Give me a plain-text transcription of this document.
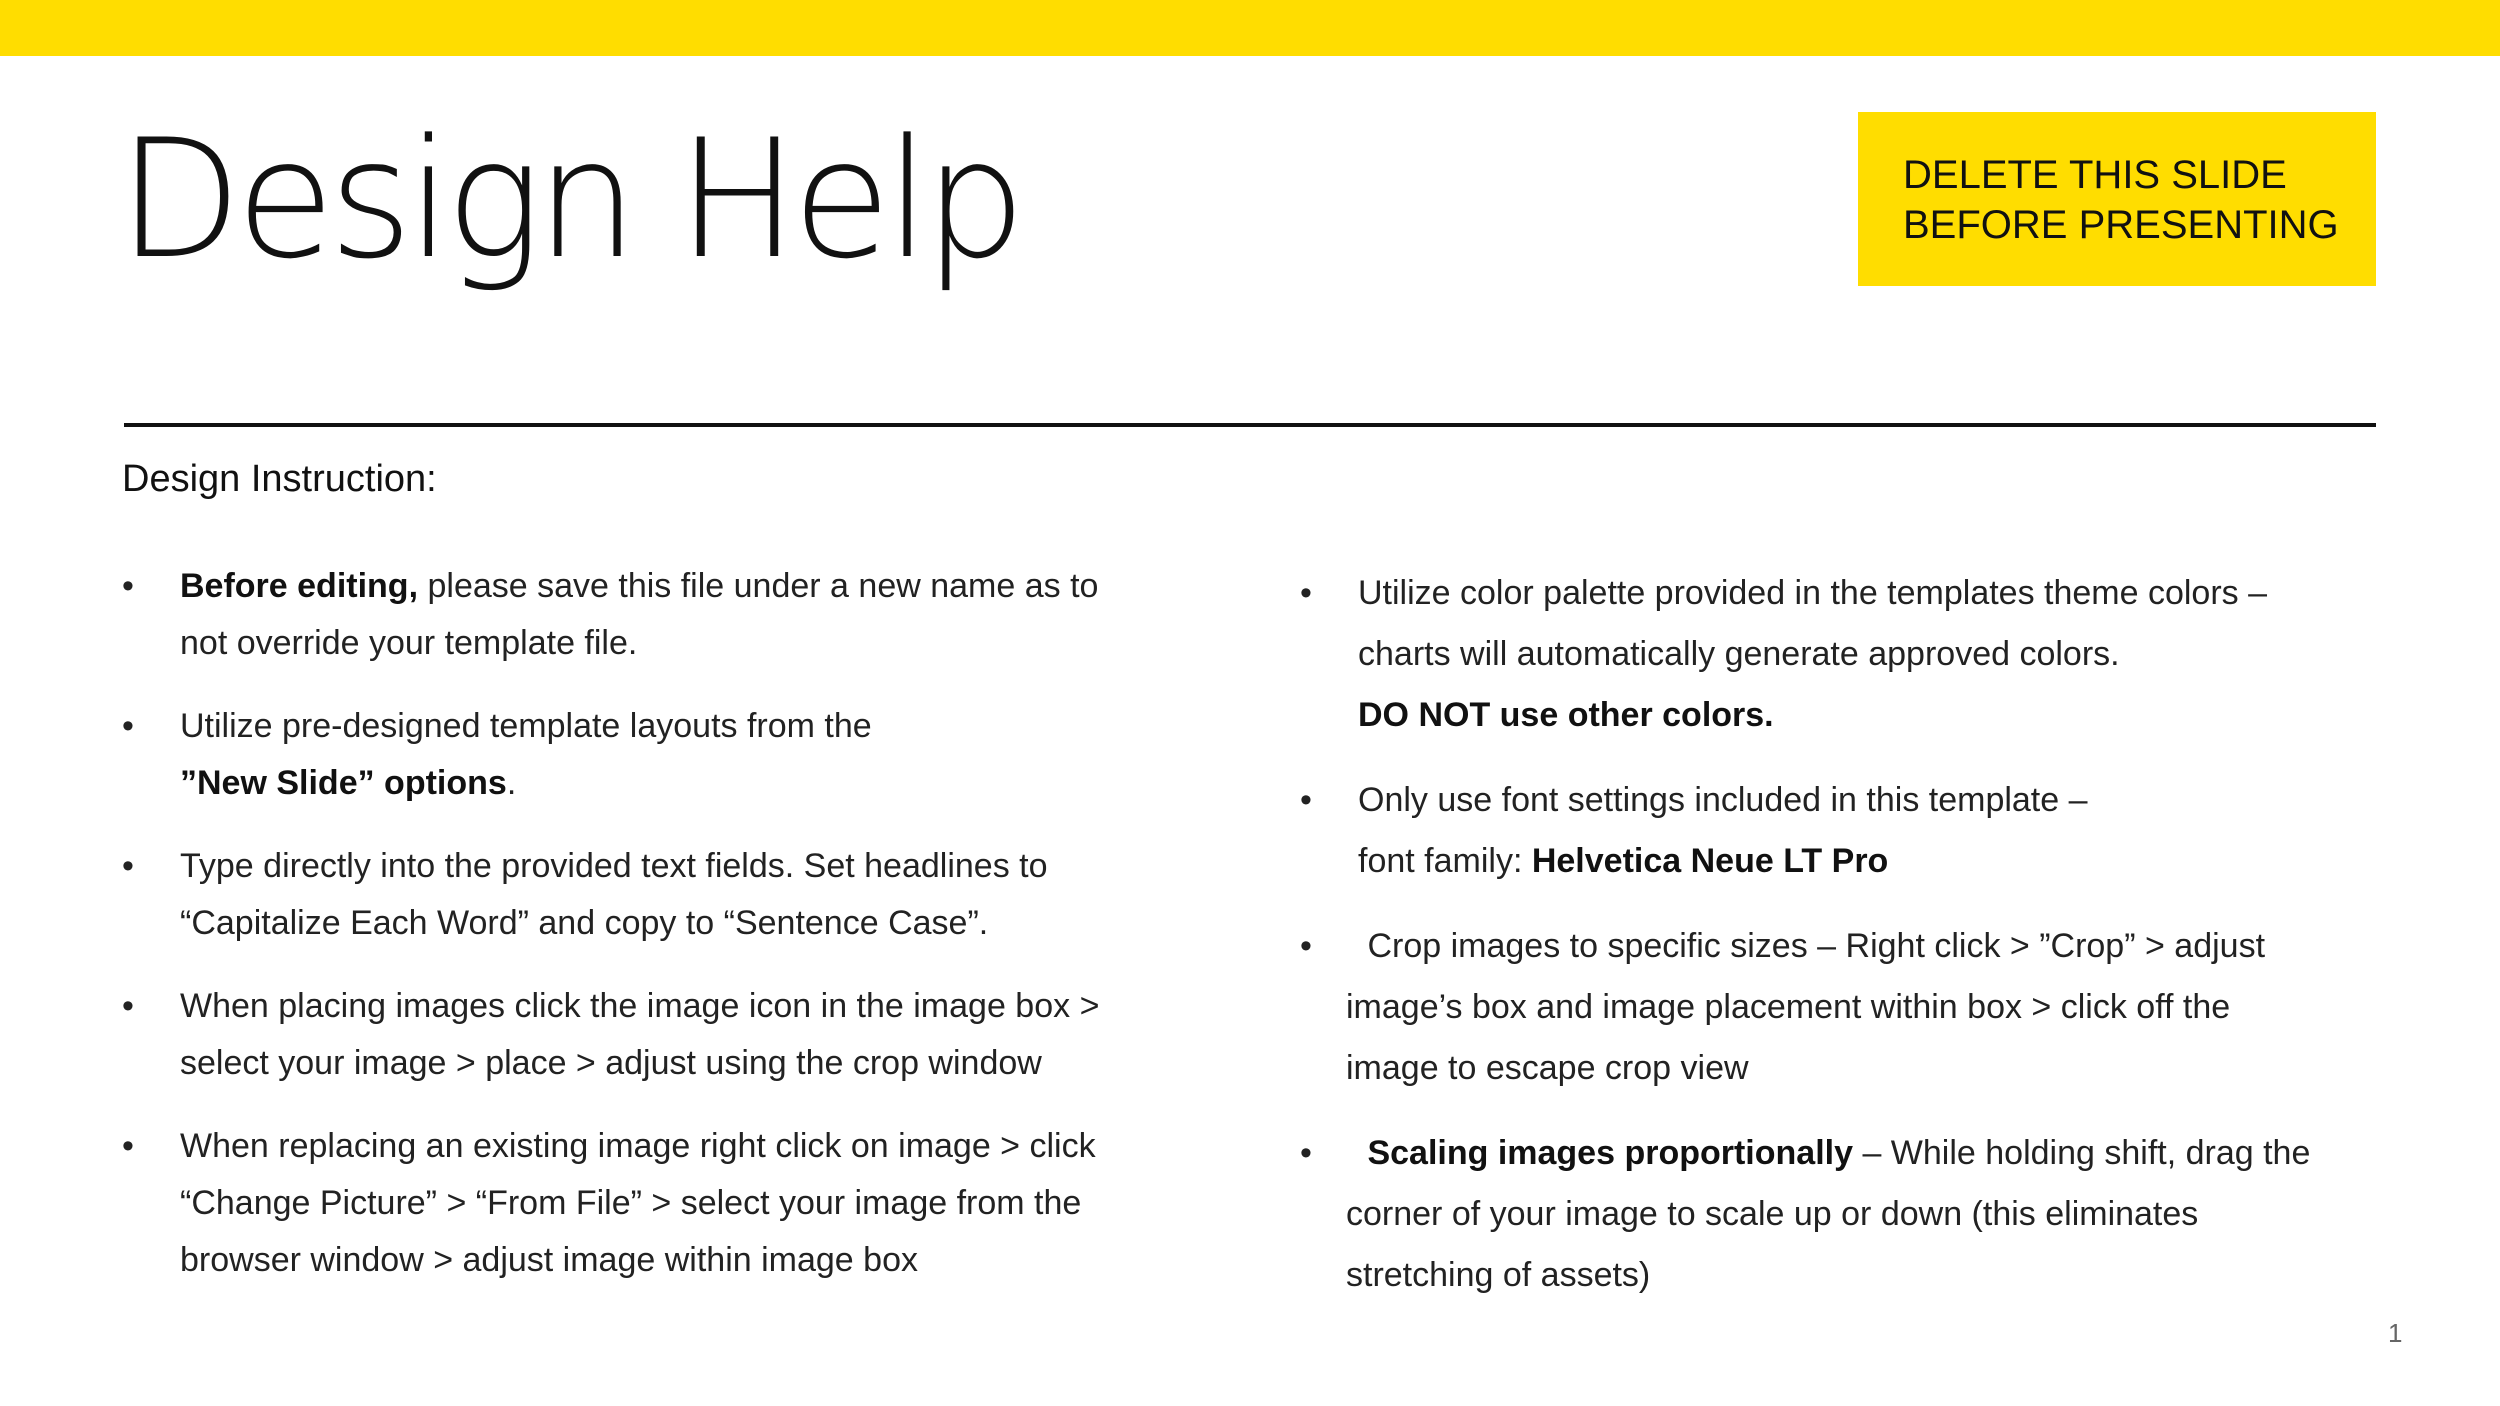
Design Help	DELETE THIS SLIDE
BEFORE PRESENTING
Design Instruction:
• Before editing, please save this file under a new name as to
not override your template file.
• Utilize pre-designed template layouts from the
”New Slide” options.
• Type directly into the provided text fields. Set headlines to
“Capitalize Each Word” and copy to “Sentence Case”.
• When placing images click the image icon in the image box >
select your image > place > adjust using the crop window
• When replacing an existing image right click on image > click
“Change Picture” > “From File” > select your image from the
browser window > adjust image within image box
• Utilize color palette provided in the templates theme colors –
charts will automatically generate approved colors.
DO NOT use other colors.
• Only use font settings included in this template –
font family: Helvetica Neue LT Pro
• Crop images to specific sizes – Right click > ”Crop” > adjust
image’s box and image placement within box > click off the
image to escape crop view
• Scaling images proportionally – While holding shift, drag the
corner of your image to scale up or down (this eliminates
stretching of assets)
1
